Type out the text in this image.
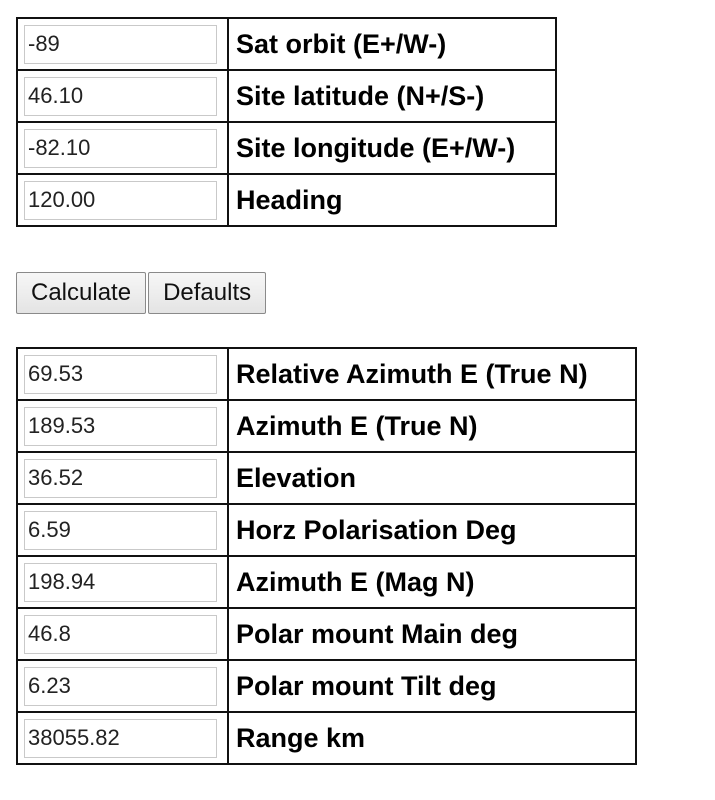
-89	Sat orbit (E+/W-)

46.10	Site latitude (N+/S-)

-82.10	Site longitude (E+/W-)

120.00	Heading
Calculate	Defaults
69.53	Relative Azimuth E (True N)

189.53	Azimuth E (True N)

36.52	Elevation

6.59	Horz Polarisation Deg

198.94	Azimuth E (Mag N)

46.8	Polar mount Main deg

6.23	Polar mount Tilt deg

38055.82	Range km
